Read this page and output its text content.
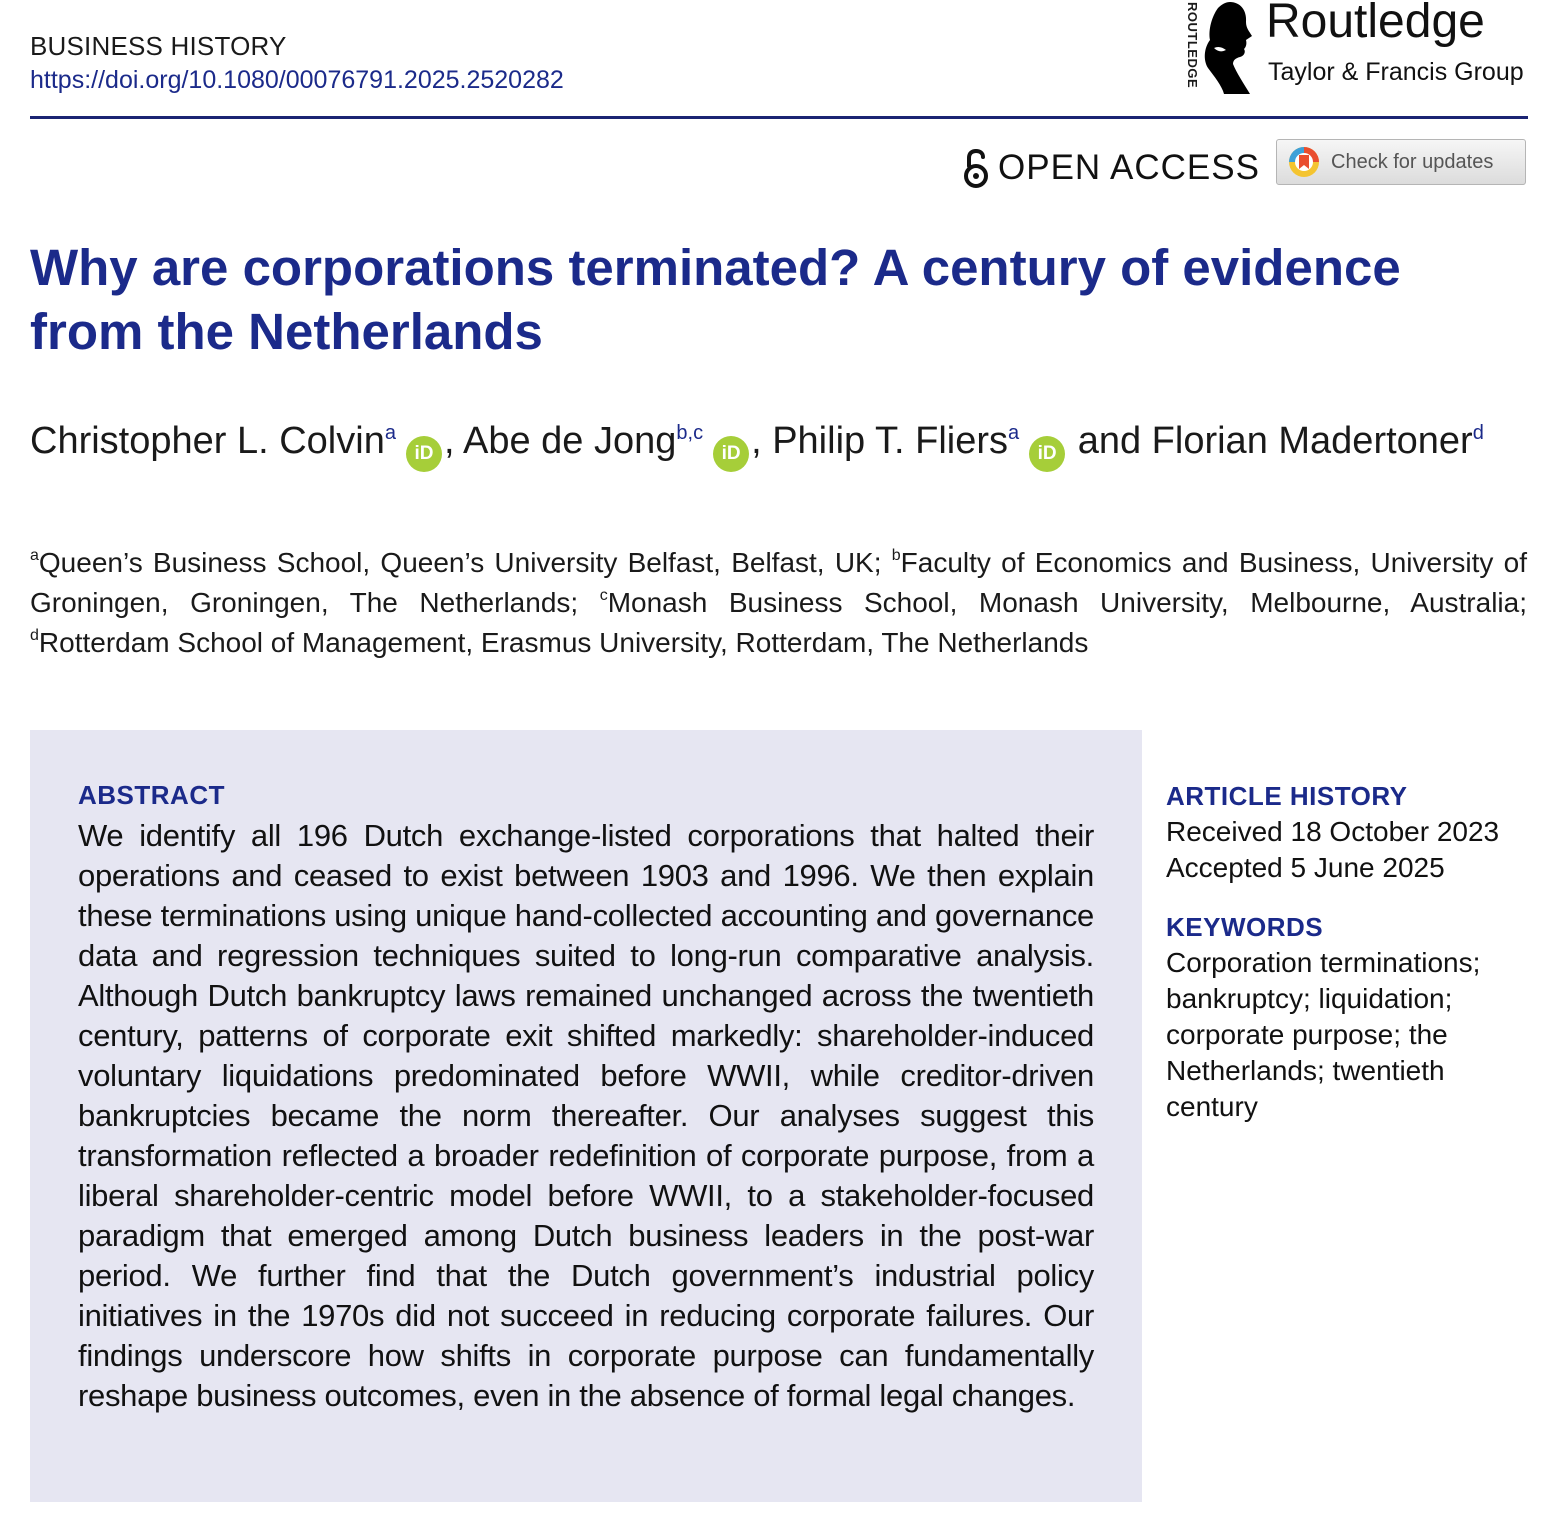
BUSINESS HISTORY
https://doi.org/10.1080/00076791.2025.2520282	ROUTLEDGE Routledge
Taylor & Francis Group
OPEN ACCESS	Check for updates
Why are corporations terminated? A century of evidence from the Netherlands
Christopher L. Colvin$^a$iD , Abe de Jong$^{b,c}$iD , Philip T. Fliers$^a$iD and Florian Madertoner$^d$
$^a$Queen’s Business School, Queen’s University Belfast, Belfast, UK; $^b$Faculty of Economics and Business, University of Groningen, Groningen, The Netherlands; $^c$Monash Business School, Monash University, Melbourne, Australia; $^d$Rotterdam School of Management, Erasmus University, Rotterdam, The Netherlands
ABSTRACT
We identify all 196 Dutch exchange-listed corporations that halted their operations and ceased to exist between 1903 and 1996. We then explain these terminations using unique hand-collected accounting and governance data and regression techniques suited to long-run comparative analysis. Although Dutch bankruptcy laws remained unchanged across the twentieth century, patterns of corporate exit shifted markedly: shareholder-induced voluntary liquidations predominated before WWII, while creditor-driven bankruptcies became the norm thereafter. Our analyses suggest this transformation reflected a broader redefinition of corporate purpose, from a liberal shareholder-centric model before WWII, to a stakeholder-focused paradigm that emerged among Dutch business leaders in the post-war period. We further find that the Dutch government’s industrial policy initiatives in the 1970s did not succeed in reducing corporate failures. Our findings underscore how shifts in corporate purpose can fundamentally reshape business outcomes, even in the absence of formal legal changes.
ARTICLE HISTORY
Received 18 October 2023
Accepted 5 June 2025
KEYWORDS
Corporation terminations; bankruptcy; liquidation; corporate purpose; the Netherlands; twentieth century
